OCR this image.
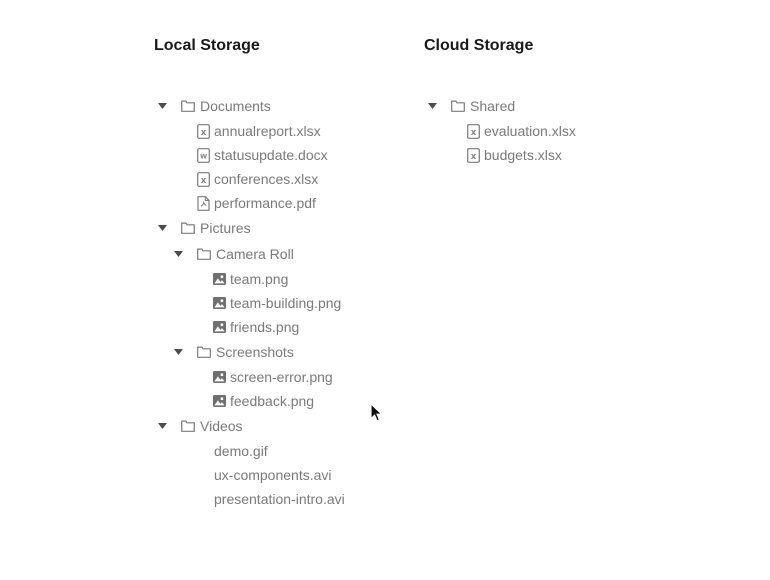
Local Storage
Documents
x annualreport.xlsx
w statusupdate.docx
x conferences.xlsx
performance.pdf
Pictures
Camera Roll
team.png
team-building.png
friends.png
Screenshots
screen-error.png
feedback.png
Videos
demo.gif
ux-components.avi
presentation-intro.avi
Cloud Storage
Shared
x evaluation.xlsx
x budgets.xlsx
